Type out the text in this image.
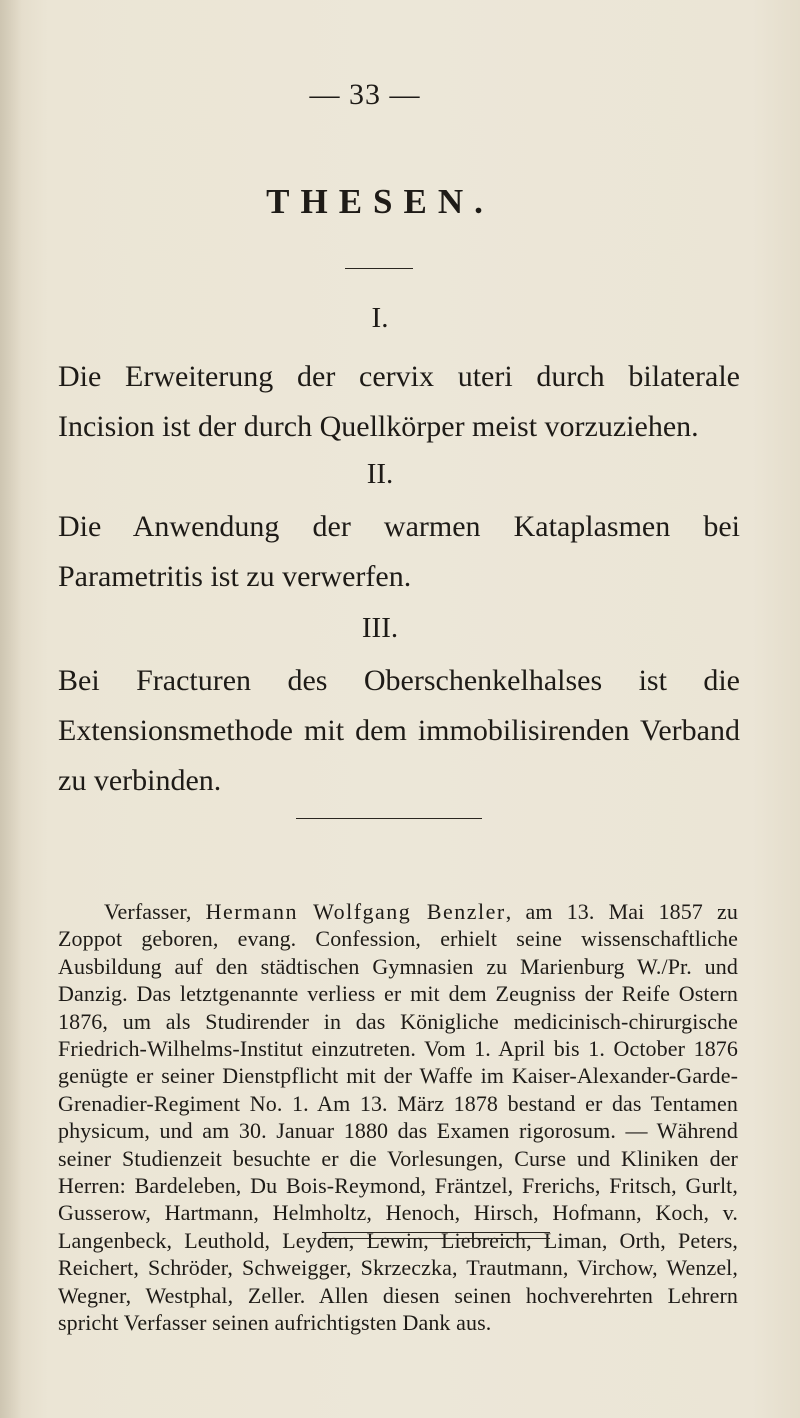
— 33 —
THESEN.
I.
Die Erweiterung der cervix uteri durch bilaterale Incision ist der durch Quellkörper meist vorzuziehen.
II.
Die Anwendung der warmen Kataplasmen bei Parametritis ist zu verwerfen.
III.
Bei Fracturen des Oberschenkelhalses ist die Extensionsmethode mit dem immobilisirenden Verband zu verbinden.
Verfasser, Hermann Wolfgang Benzler, am 13. Mai 1857 zu Zoppot geboren, evang. Confession, erhielt seine wissenschaftliche Ausbildung auf den städtischen Gymnasien zu Marienburg W./Pr. und Danzig. Das letztgenannte verliess er mit dem Zeugniss der Reife Ostern 1876, um als Studirender in das Königliche medicinisch-chirurgische Friedrich-Wilhelms-Institut einzutreten. Vom 1. April bis 1. October 1876 genügte er seiner Dienstpflicht mit der Waffe im Kaiser-Alexander-Garde-Grenadier-Regiment No. 1. Am 13. März 1878 bestand er das Tentamen physicum, und am 30. Januar 1880 das Examen rigorosum. — Während seiner Studienzeit besuchte er die Vorlesungen, Curse und Kliniken der Herren: Bardeleben, Du Bois-Reymond, Fräntzel, Frerichs, Fritsch, Gurlt, Gusserow, Hartmann, Helmholtz, Henoch, Hirsch, Hofmann, Koch, v. Langenbeck, Leuthold, Leyden, Lewin, Liebreich, Liman, Orth, Peters, Reichert, Schröder, Schweigger, Skrzeczka, Trautmann, Virchow, Wenzel, Wegner, Westphal, Zeller. Allen diesen seinen hochverehrten Lehrern spricht Verfasser seinen aufrichtigsten Dank aus.
